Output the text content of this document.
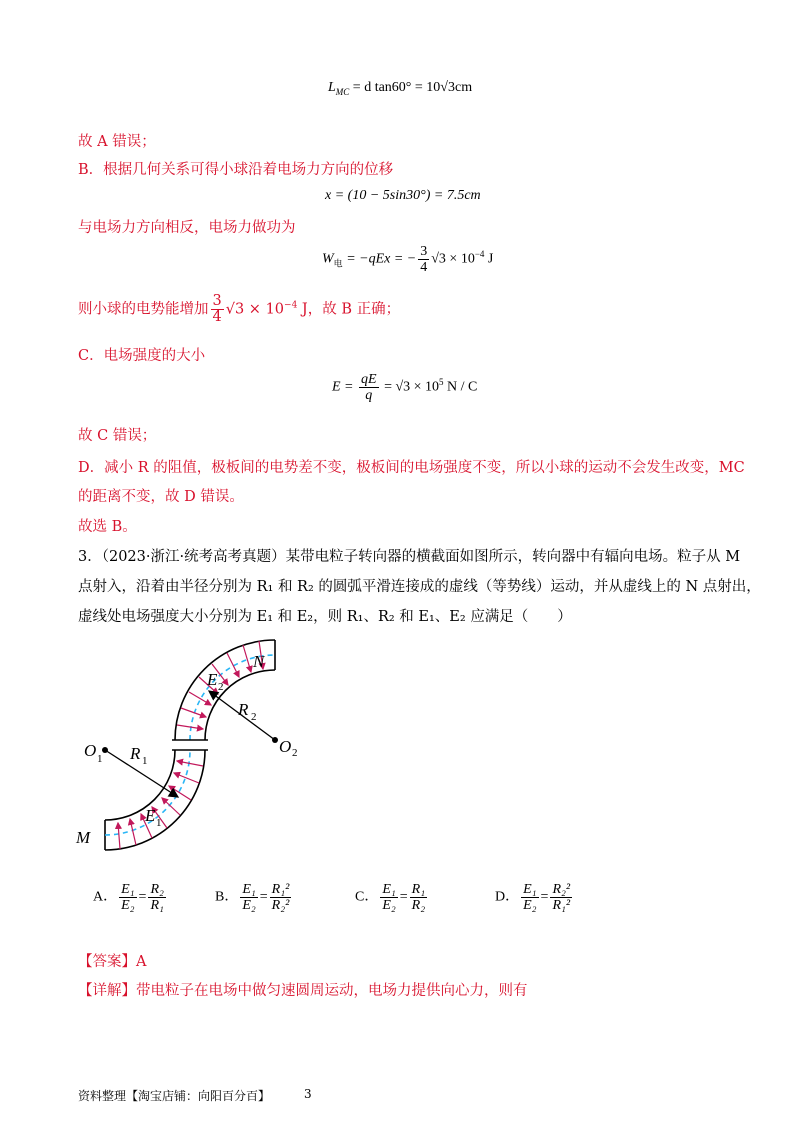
$L_{MC} = d$ tan60° = 10√3cm
故 A 错误；
B．根据几何关系可得小球沿着电场力方向的位移
x = (10 − 5sin30°) = 7.5cm
与电场力方向相反，电场力做功为
$W_电 = -qEx$ = − $\frac{3}{4} √3 \times 10^{-4}$ J
则小球的电势能增加 $\frac{3}{4} √3 \times 10^{-4}$ J，故 B 正确；
C．电场强度的大小
$E = \frac{qE}{q} = √3 \times 10^5$ N / C
故 C 错误；
D．减小 R 的阻值，极板间的电势差不变，极板间的电场强度不变，所以小球的运动不会发生改变，MC
的距离不变，故 D 错误。
故选 B。
3．（2023·浙江·统考高考真题）某带电粒子转向器的横截面如图所示，转向器中有辐向电场。粒子从 M
点射入，沿着由半径分别为 R₁ 和 R₂ 的圆弧平滑连接成的虚线（等势线）运动，并从虚线上的 N 点射出，
虚线处电场强度大小分别为 E₁ 和 E₂，则 R₁、R₂ 和 E₁、E₂ 应满足（　　）
M
N
O	O
R
R
E
E
1	2
1
2
1
2
A． $\frac{\text{E₁}}{\text{E₂}} = \frac{\text{R₂}}{\text{R₁}}$	B． $\frac{\text{E₁}}{\text{E₂}} = \frac{\text{R₁²}}{\text{R₂²}}$	C． $\frac{\text{E₁}}{\text{E₂}} = \frac{\text{R₁}}{\text{R₂}}$	D． $\frac{\text{E₁}}{\text{E₂}} = \frac{\text{R₂²}}{\text{R₁²}}$
【答案】A
【详解】带电粒子在电场中做匀速圆周运动，电场力提供向心力，则有
资料整理【淘宝店铺：向阳百分百】	3
